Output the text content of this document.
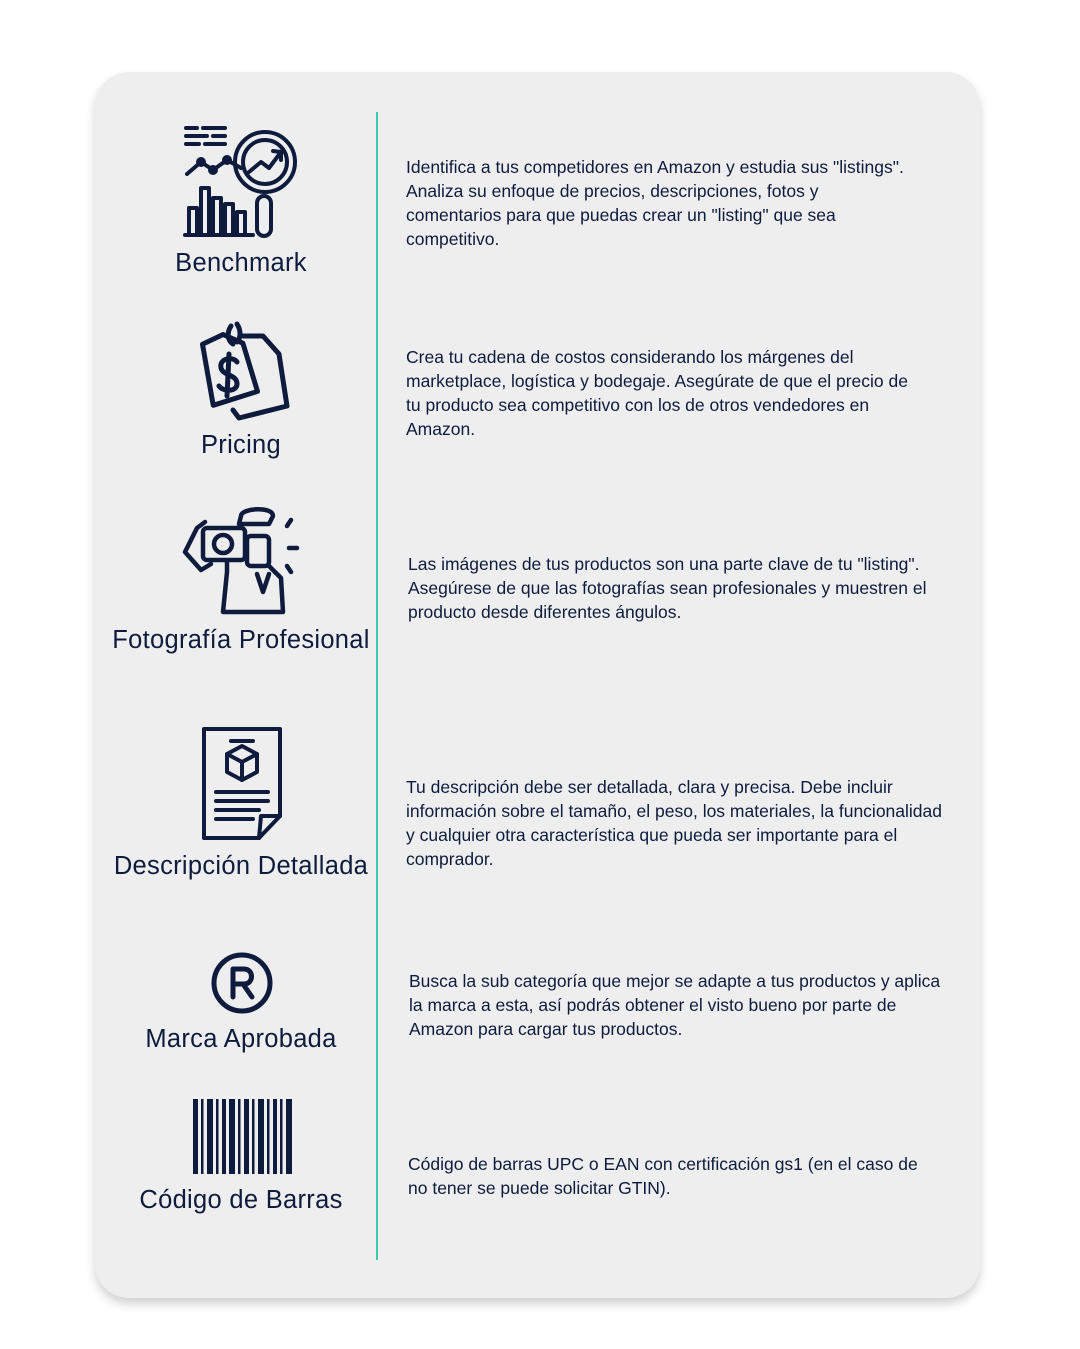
Benchmark

Identifica a tus competidores en Amazon y estudia sus "listings". Analiza su enfoque de precios, descripciones, fotos y comentarios para que puedas crear un "listing" que sea competitivo.

Pricing

Crea tu cadena de costos considerando los márgenes del marketplace, logística y bodegaje. Asegúrate de que el precio de tu producto sea competitivo con los de otros vendedores en Amazon.

Fotografía Profesional

Las imágenes de tus productos son una parte clave de tu "listing". Asegúrese de que las fotografías sean profesionales y muestren el producto desde diferentes ángulos.

Descripción Detallada

Tu descripción debe ser detallada, clara y precisa. Debe incluir información sobre el tamaño, el peso, los materiales, la funcionalidad y cualquier otra característica que pueda ser importante para el comprador.

Marca Aprobada

Busca la sub categoría que mejor se adapte a tus productos y aplica la marca a esta, así podrás obtener el visto bueno por parte de Amazon para cargar tus productos.

Código de Barras

Código de barras UPC o EAN con certificación gs1 (en el caso de no tener se puede solicitar GTIN).
